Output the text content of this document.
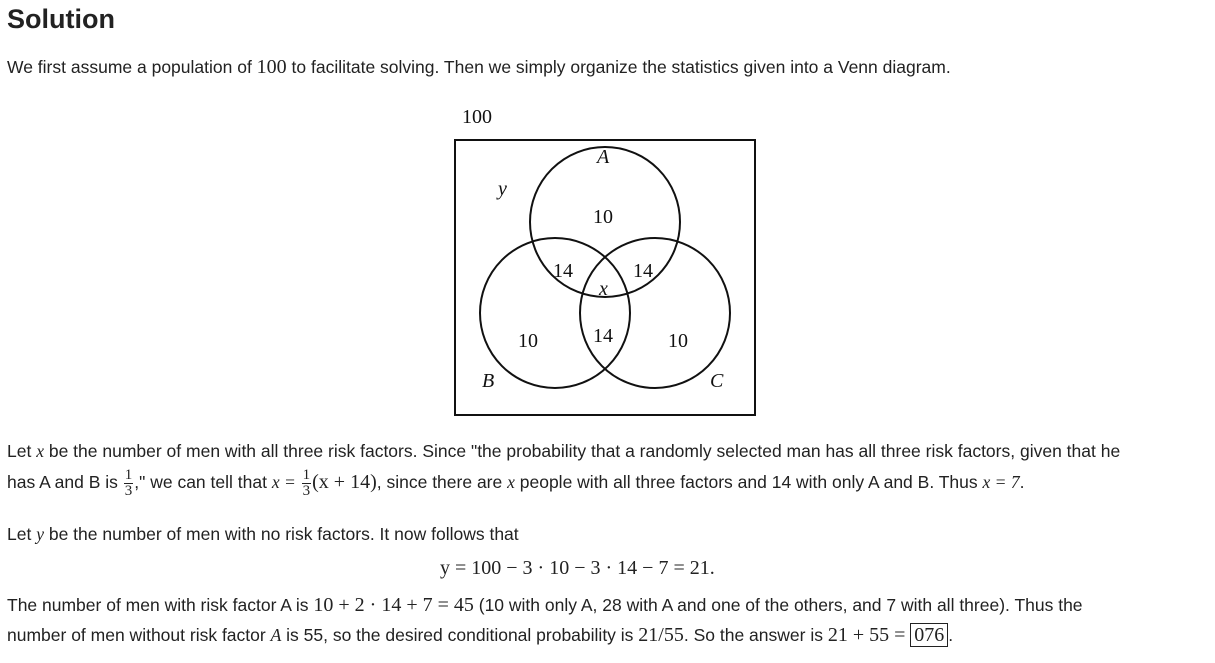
Solution
We first assume a population of 100 to facilitate solving. Then we simply organize the statistics given into a Venn diagram.
100
A
B	C
y
10
14	14
x
10	14	10
Let x be the number of men with all three risk factors. Since "the probability that a randomly selected man has all three risk factors, given that he
has A and B is $\frac{1}{3}$ ," we can tell that $x = \frac{1}{3} (x + 14)$, since there are x people with all three factors and 14 with only A and B. Thus x = 7.
Let y be the number of men with no risk factors. It now follows that
y = 100 − 3 · 10 − 3 · 14 − 7 = 21.
The number of men with risk factor A is 10 + 2 · 14 + 7 = 45 (10 with only A, 28 with A and one of the others, and 7 with all three). Thus the
number of men without risk factor A is 55, so the desired conditional probability is 21/55. So the answer is 21 + 55 = 076 .
